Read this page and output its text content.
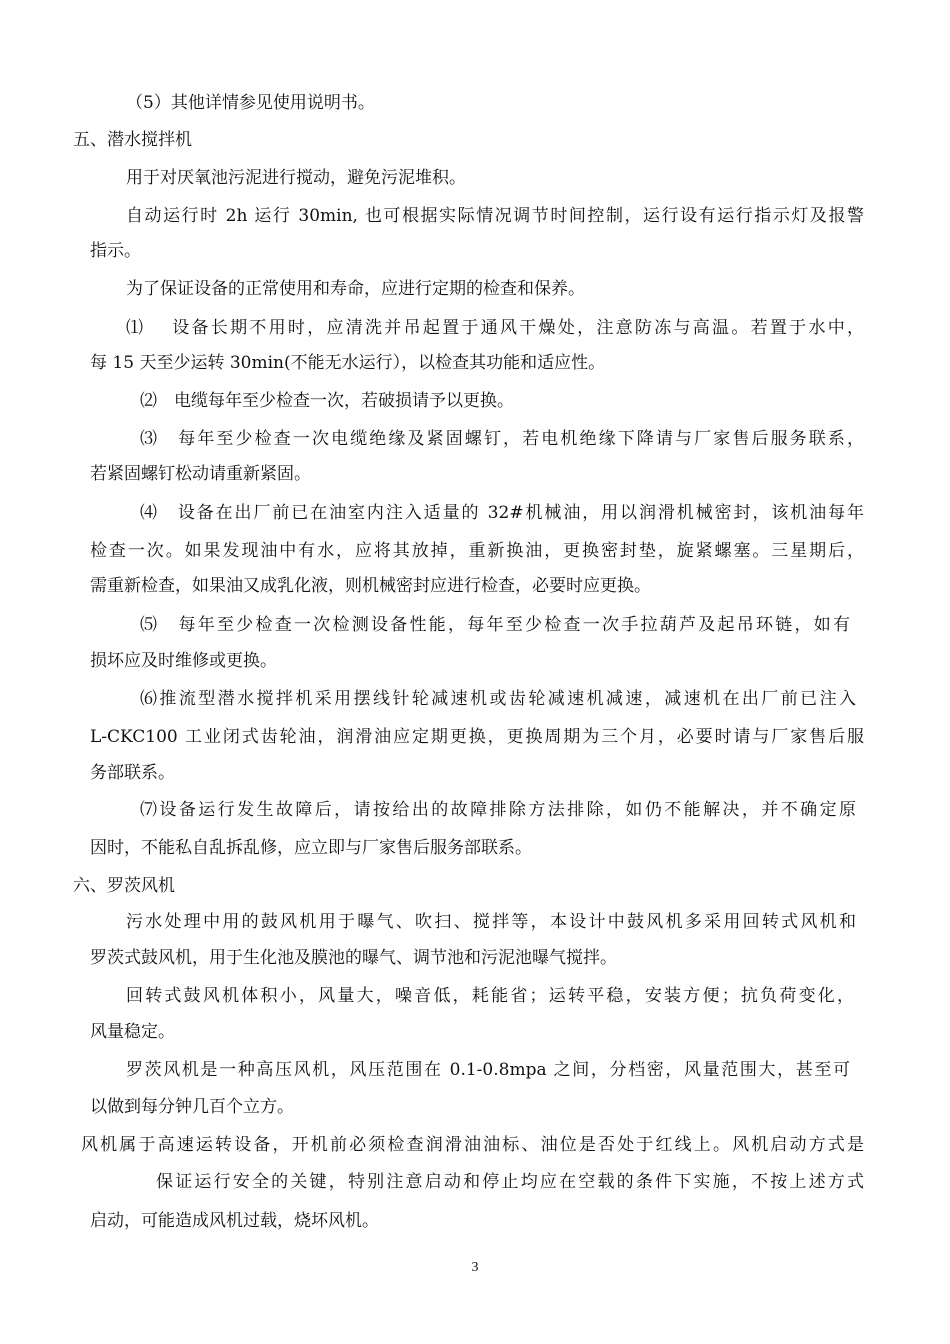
（5）其他详情参见使用说明书。

五、潜水搅拌机

用于对厌氧池污泥进行搅动，避免污泥堆积。

自动运行时 2h 运行 30min, 也可根据实际情况调节时间控制，运行设有运行指示灯及报警

指示。

为了保证设备的正常使用和寿命，应进行定期的检查和保养。

⑴　 设备长期不用时，应清洗并吊起置于通风干燥处，注意防冻与高温。若置于水中，

每 15 天至少运转 30min(不能无水运行），以检查其功能和适应性。

⑵　电缆每年至少检查一次，若破损请予以更换。

⑶　每年至少检查一次电缆绝缘及紧固螺钉，若电机绝缘下降请与厂家售后服务联系，

若紧固螺钉松动请重新紧固。

⑷　设备在出厂前已在油室内注入适量的 32#机械油，用以润滑机械密封，该机油每年

检查一次。如果发现油中有水，应将其放掉，重新换油，更换密封垫，旋紧螺塞。三星期后，

需重新检查，如果油又成乳化液，则机械密封应进行检查，必要时应更换。

⑸　每年至少检查一次检测设备性能，每年至少检查一次手拉葫芦及起吊环链，如有

损坏应及时维修或更换。

⑹推流型潜水搅拌机采用摆线针轮减速机或齿轮减速机减速，减速机在出厂前已注入

L-CKC100 工业闭式齿轮油，润滑油应定期更换，更换周期为三个月，必要时请与厂家售后服

务部联系。

⑺设备运行发生故障后，请按给出的故障排除方法排除，如仍不能解决，并不确定原

因时，不能私自乱拆乱修，应立即与厂家售后服务部联系。

六、罗茨风机

污水处理中用的鼓风机用于曝气、吹扫、搅拌等，本设计中鼓风机多采用回转式风机和

罗茨式鼓风机，用于生化池及膜池的曝气、调节池和污泥池曝气搅拌。

回转式鼓风机体积小，风量大，噪音低，耗能省；运转平稳，安装方便；抗负荷变化，

风量稳定。

罗茨风机是一种高压风机，风压范围在 0.1-0.8mpa 之间，分档密，风量范围大，甚至可

以做到每分钟几百个立方。

风机属于高速运转设备，开机前必须检查润滑油油标、油位是否处于红线上。风机启动方式是

保证运行安全的关键，特别注意启动和停止均应在空载的条件下实施，不按上述方式

启动，可能造成风机过载，烧坏风机。

3
